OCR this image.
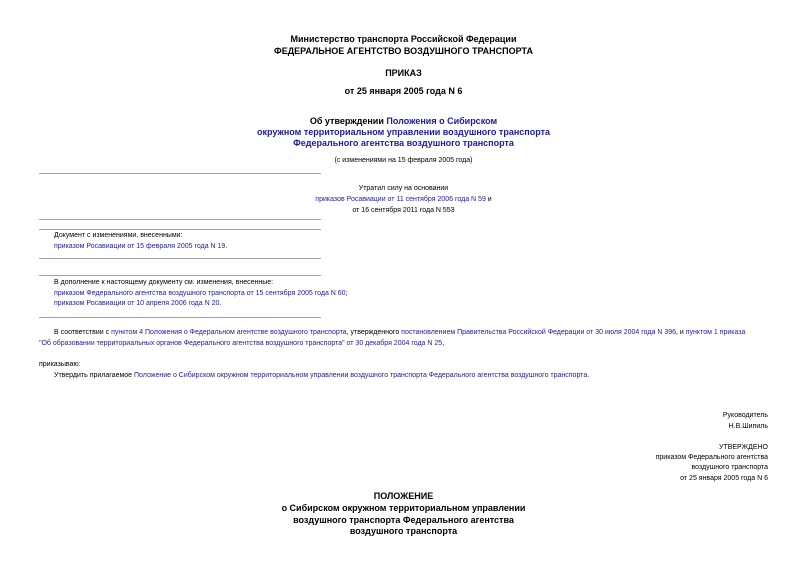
Министерство транспорта Российской Федерации
ФЕДЕРАЛЬНОЕ АГЕНТСТВО ВОЗДУШНОГО ТРАНСПОРТА
ПРИКАЗ
от 25 января 2005 года N 6
Об утверждении Положения о Сибирском
окружном территориальном управлении воздушного транспорта
Федерального агентства воздушного транспорта
(с изменениями на 15 февраля 2005 года)
Утратил силу на основании
приказов Росавиации от 11 сентября 2006 года N 59 и
от 16 сентября 2011 года N 553
Документ с изменениями, внесенными:
приказом Росавиации от 15 февраля 2005 года N 19.
В дополнение к настоящему документу см. изменения, внесенные:
приказом Федерального агентства воздушного транспорта от 15 сентября 2005 года N 60;
приказом Росавиации от 10 апреля 2006 года N 20.
В соответствии с пунктом 4 Положения о Федеральном агентстве воздушного транспорта, утвержденного постановлением Правительства Российской Федерации от 30 июля 2004 года N 396, и пунктом 1 приказа
"Об образовании территориальных органов Федерального агентства воздушного транспорта" от 30 декабря 2004 года N 25,
приказываю:
Утвердить прилагаемое Положение о Сибирском окружном территориальном управлении воздушного транспорта Федерального агентства воздушного транспорта.
Руководитель
Н.В.Шипиль
УТВЕРЖДЕНО
приказом Федерального агентства
воздушного транспорта
от 25 января 2005 года N 6
ПОЛОЖЕНИЕ
о Сибирском окружном территориальном управлении
воздушного транспорта Федерального агентства
воздушного транспорта
